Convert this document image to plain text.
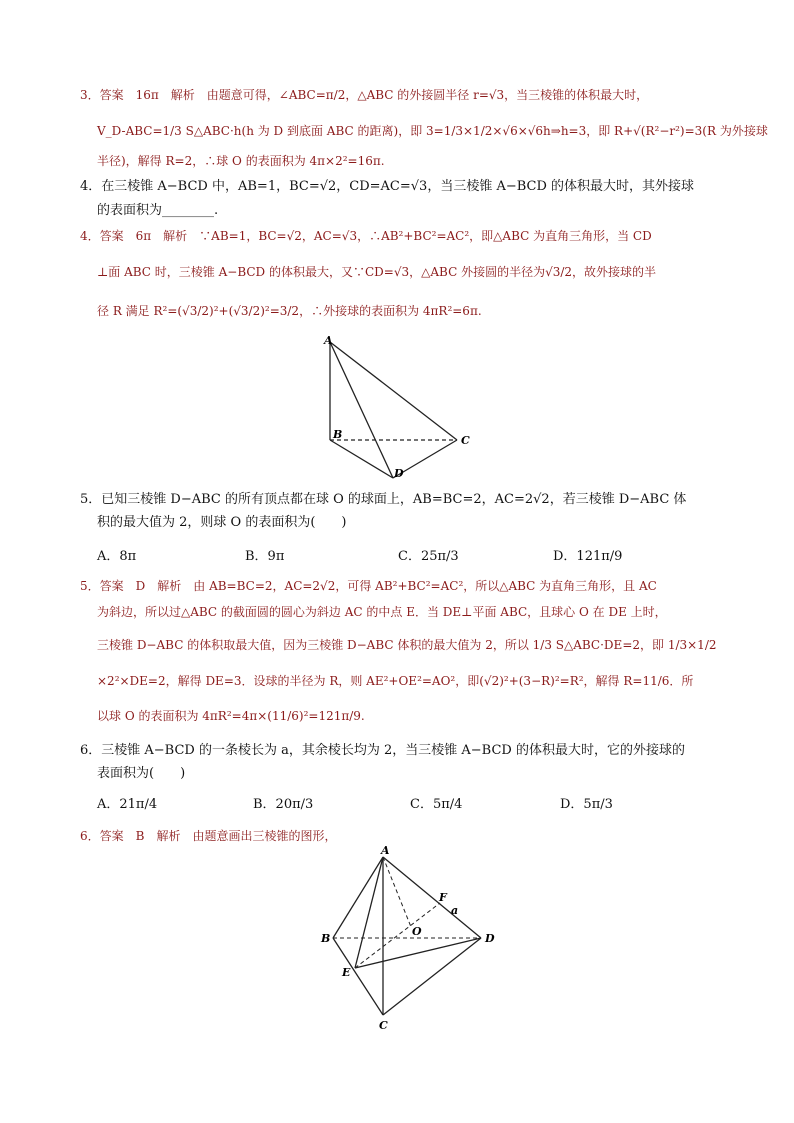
3．答案　16π　解析　由题意可得，∠ABC=π/2，△ABC 的外接圆半径 r=√3，当三棱锥的体积最大时，
V_D-ABC=1/3 S△ABC·h(h 为 D 到底面 ABC 的距离)，即 3=1/3×1/2×√6×√6h⇒h=3，即 R+√(R²−r²)=3(R 为外接球
半径)，解得 R=2，∴球 O 的表面积为 4π×2²=16π.
4．在三棱锥 A−BCD 中，AB=1，BC=√2，CD=AC=√3，当三棱锥 A−BCD 的体积最大时，其外接球
的表面积为________.
4．答案　6π　解析　∵AB=1，BC=√2，AC=√3，∴AB²+BC²=AC²，即△ABC 为直角三角形，当 CD
⊥面 ABC 时，三棱锥 A−BCD 的体积最大，又∵CD=√3，△ABC 外接圆的半径为√3/2，故外接球的半
径 R 满足 R²=(√3/2)²+(√3/2)²=3/2，∴外接球的表面积为 4πR²=6π.
A
B	C
D
5．已知三棱锥 D−ABC 的所有顶点都在球 O 的球面上，AB=BC=2，AC=2√2，若三棱锥 D−ABC 体
积的最大值为 2，则球 O 的表面积为(　　)
A．8π	B．9π	C．25π/3	D．121π/9
5．答案　D　解析　由 AB=BC=2，AC=2√2，可得 AB²+BC²=AC²，所以△ABC 为直角三角形，且 AC
为斜边，所以过△ABC 的截面圆的圆心为斜边 AC 的中点 E．当 DE⊥平面 ABC，且球心 O 在 DE 上时，
三棱锥 D−ABC 的体积取最大值，因为三棱锥 D−ABC 体积的最大值为 2，所以 1/3 S△ABC·DE=2，即 1/3×1/2
×2²×DE=2，解得 DE=3．设球的半径为 R，则 AE²+OE²=AO²，即(√2)²+(3−R)²=R²，解得 R=11/6．所
以球 O 的表面积为 4πR²=4π×(11/6)²=121π/9.
6．三棱锥 A−BCD 的一条棱长为 a，其余棱长均为 2，当三棱锥 A−BCD 的体积最大时，它的外接球的
表面积为(　　)
A．21π/4	B．20π/3	C．5π/4	D．5π/3
6．答案　B　解析　由题意画出三棱锥的图形，
A
B
C
D
E
F
O
a
